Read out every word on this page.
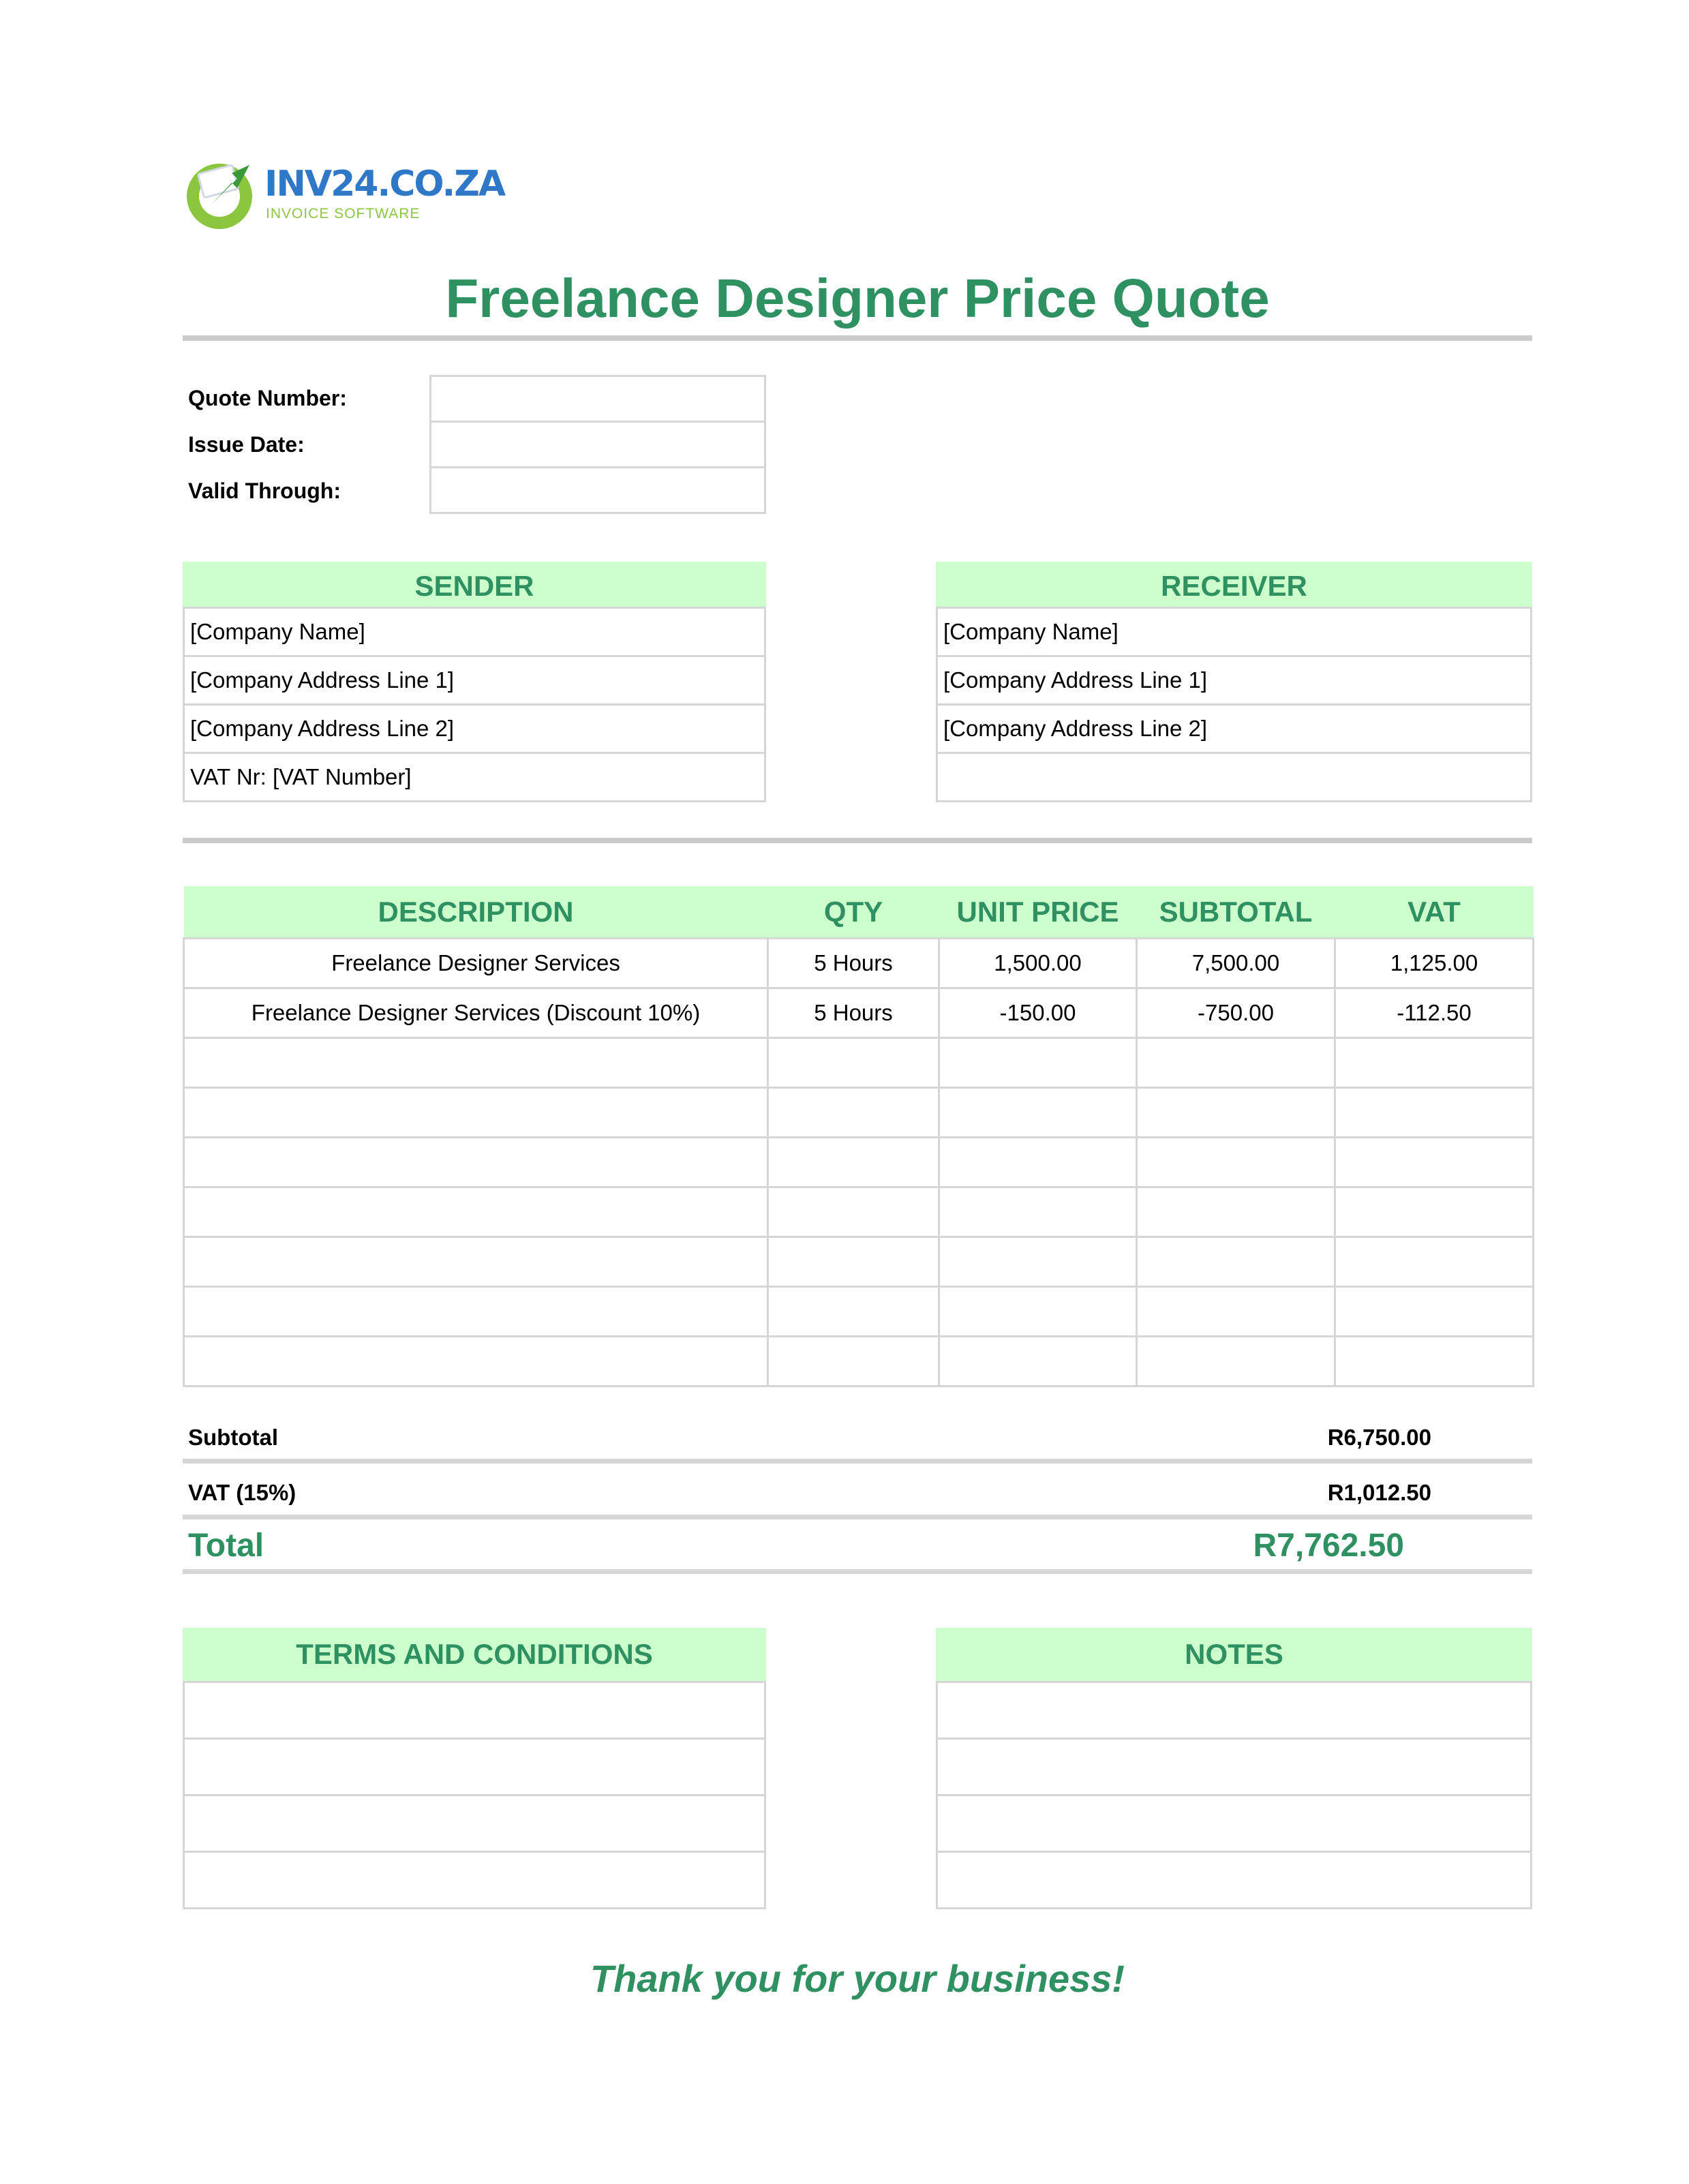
INV24.CO.ZA
INVOICE SOFTWARE
Freelance Designer Price Quote
Quote Number:
Issue Date:
Valid Through:
SENDER
[Company Name]
[Company Address Line 1]
[Company Address Line 2]
VAT Nr: [VAT Number]
RECEIVER
[Company Name]
[Company Address Line 1]
[Company Address Line 2]
DESCRIPTION	QTY	UNIT PRICE	SUBTOTAL	VAT
Freelance Designer Services	5 Hours	1,500.00	7,500.00	1,125.00
Freelance Designer Services (Discount 10%)	5 Hours	-150.00	-750.00	-112.50

Subtotal	R6,750.00
VAT (15%)	R1,012.50
Total	R7,762.50
TERMS AND CONDITIONS	NOTES
Thank you for your business!
